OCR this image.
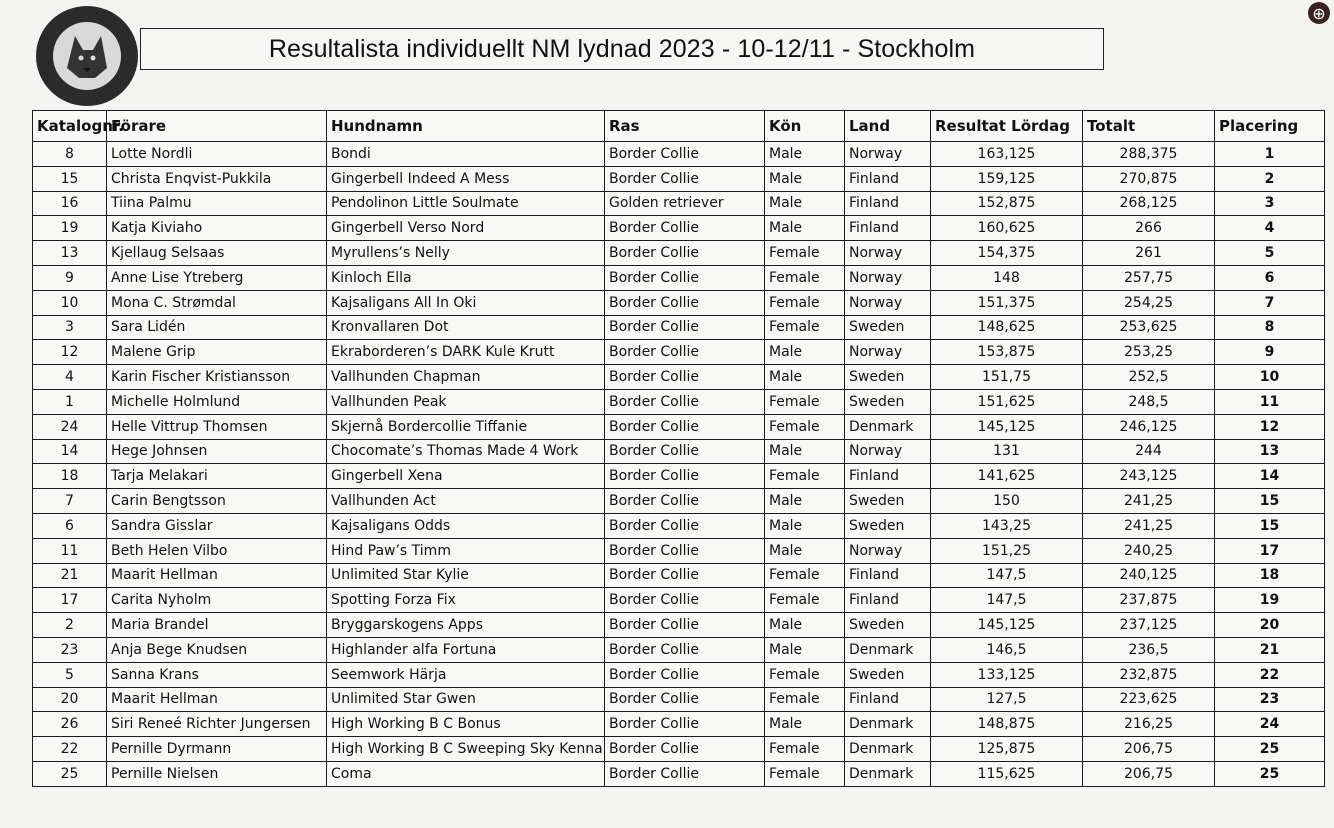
⊕
Resultalista individuellt NM lydnad 2023 - 10-12/11 - Stockholm
Katalognr.	Förare	Hundnamn	Ras	Kön	Land	Resultat Lördag	Totalt	Placering
8	Lotte Nordli	Bondi	Border Collie	Male	Norway	163,125	288,375	1
15	Christa Enqvist-Pukkila	Gingerbell Indeed A Mess	Border Collie	Male	Finland	159,125	270,875	2
16	Tiina Palmu	Pendolinon Little Soulmate	Golden retriever	Male	Finland	152,875	268,125	3
19	Katja Kiviaho	Gingerbell Verso Nord	Border Collie	Male	Finland	160,625	266	4
13	Kjellaug Selsaas	Myrullens’s Nelly	Border Collie	Female	Norway	154,375	261	5
9	Anne Lise Ytreberg	Kinloch Ella	Border Collie	Female	Norway	148	257,75	6
10	Mona C. Strømdal	Kajsaligans All In Oki	Border Collie	Female	Norway	151,375	254,25	7
3	Sara Lidén	Kronvallaren Dot	Border Collie	Female	Sweden	148,625	253,625	8
12	Malene Grip	Ekraborderen’s DARK Kule Krutt	Border Collie	Male	Norway	153,875	253,25	9
4	Karin Fischer Kristiansson	Vallhunden Chapman	Border Collie	Male	Sweden	151,75	252,5	10
1	Michelle Holmlund	Vallhunden Peak	Border Collie	Female	Sweden	151,625	248,5	11
24	Helle Vittrup Thomsen	Skjernå Bordercollie Tiffanie	Border Collie	Female	Denmark	145,125	246,125	12
14	Hege Johnsen	Chocomate’s Thomas Made 4 Work	Border Collie	Male	Norway	131	244	13
18	Tarja Melakari	Gingerbell Xena	Border Collie	Female	Finland	141,625	243,125	14
7	Carin Bengtsson	Vallhunden Act	Border Collie	Male	Sweden	150	241,25	15
6	Sandra Gisslar	Kajsaligans Odds	Border Collie	Male	Sweden	143,25	241,25	15
11	Beth Helen Vilbo	Hind Paw’s Timm	Border Collie	Male	Norway	151,25	240,25	17
21	Maarit Hellman	Unlimited Star Kylie	Border Collie	Female	Finland	147,5	240,125	18
17	Carita Nyholm	Spotting Forza Fix	Border Collie	Female	Finland	147,5	237,875	19
2	Maria Brandel	Bryggarskogens Apps	Border Collie	Male	Sweden	145,125	237,125	20
23	Anja Bege Knudsen	Highlander alfa Fortuna	Border Collie	Male	Denmark	146,5	236,5	21
5	Sanna Krans	Seemwork Härja	Border Collie	Female	Sweden	133,125	232,875	22
20	Maarit Hellman	Unlimited Star Gwen	Border Collie	Female	Finland	127,5	223,625	23
26	Siri Reneé Richter Jungersen	High Working B C Bonus	Border Collie	Male	Denmark	148,875	216,25	24
22	Pernille Dyrmann	High Working B C Sweeping Sky Kenna	Border Collie	Female	Denmark	125,875	206,75	25
25	Pernille Nielsen	Coma	Border Collie	Female	Denmark	115,625	206,75	25
